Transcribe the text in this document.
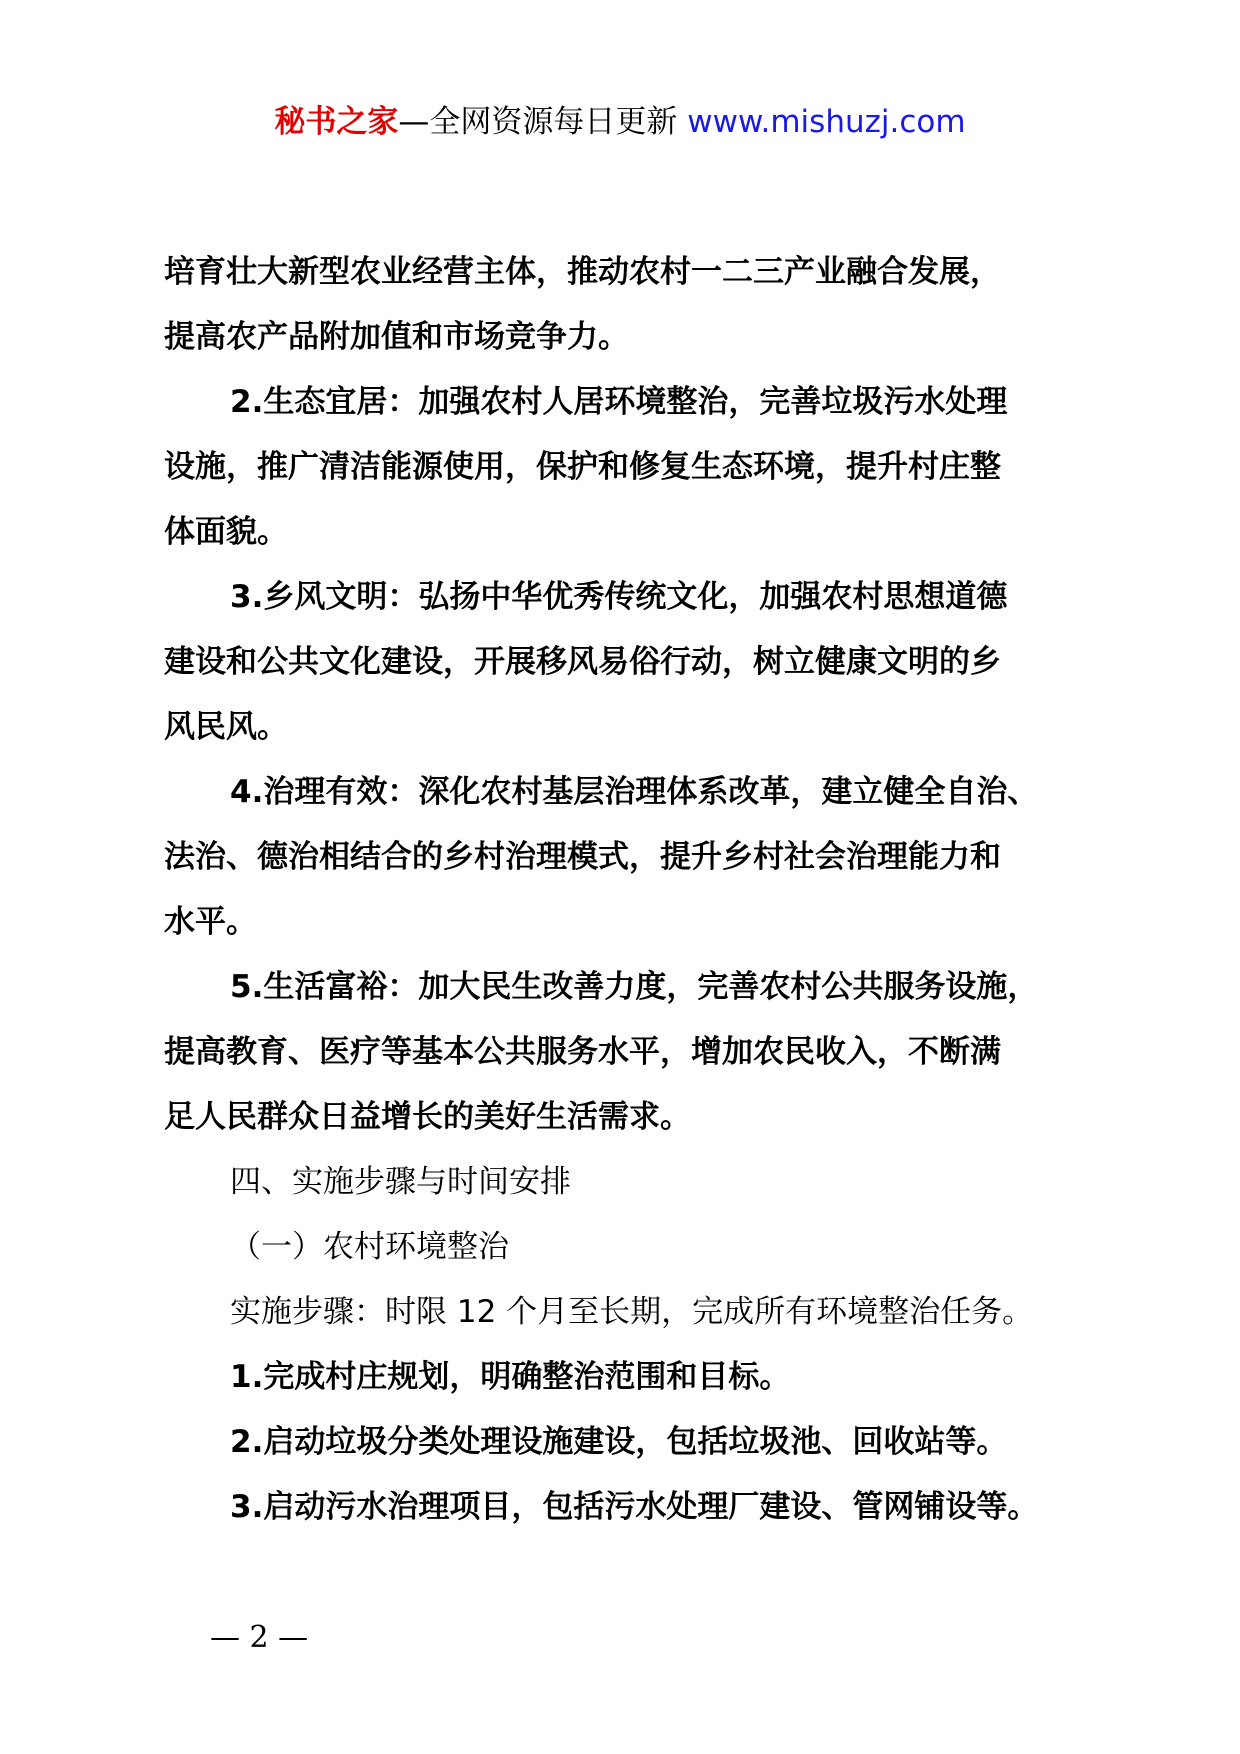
秘书之家—全网资源每日更新 www.mishuzj.com
培育壮大新型农业经营主体，推动农村一二三产业融合发展，
提高农产品附加值和市场竞争力。
2.生态宜居：加强农村人居环境整治，完善垃圾污水处理
设施，推广清洁能源使用，保护和修复生态环境，提升村庄整
体面貌。
3.乡风文明：弘扬中华优秀传统文化，加强农村思想道德
建设和公共文化建设，开展移风易俗行动，树立健康文明的乡
风民风。
4.治理有效：深化农村基层治理体系改革，建立健全自治、
法治、德治相结合的乡村治理模式，提升乡村社会治理能力和
水平。
5.生活富裕：加大民生改善力度，完善农村公共服务设施，
提高教育、医疗等基本公共服务水平，增加农民收入，不断满
足人民群众日益增长的美好生活需求。
四、实施步骤与时间安排
（一）农村环境整治
实施步骤：时限 12 个月至长期，完成所有环境整治任务。
1.完成村庄规划，明确整治范围和目标。
2.启动垃圾分类处理设施建设，包括垃圾池、回收站等。
3.启动污水治理项目，包括污水处理厂建设、管网铺设等。
— 2 —
